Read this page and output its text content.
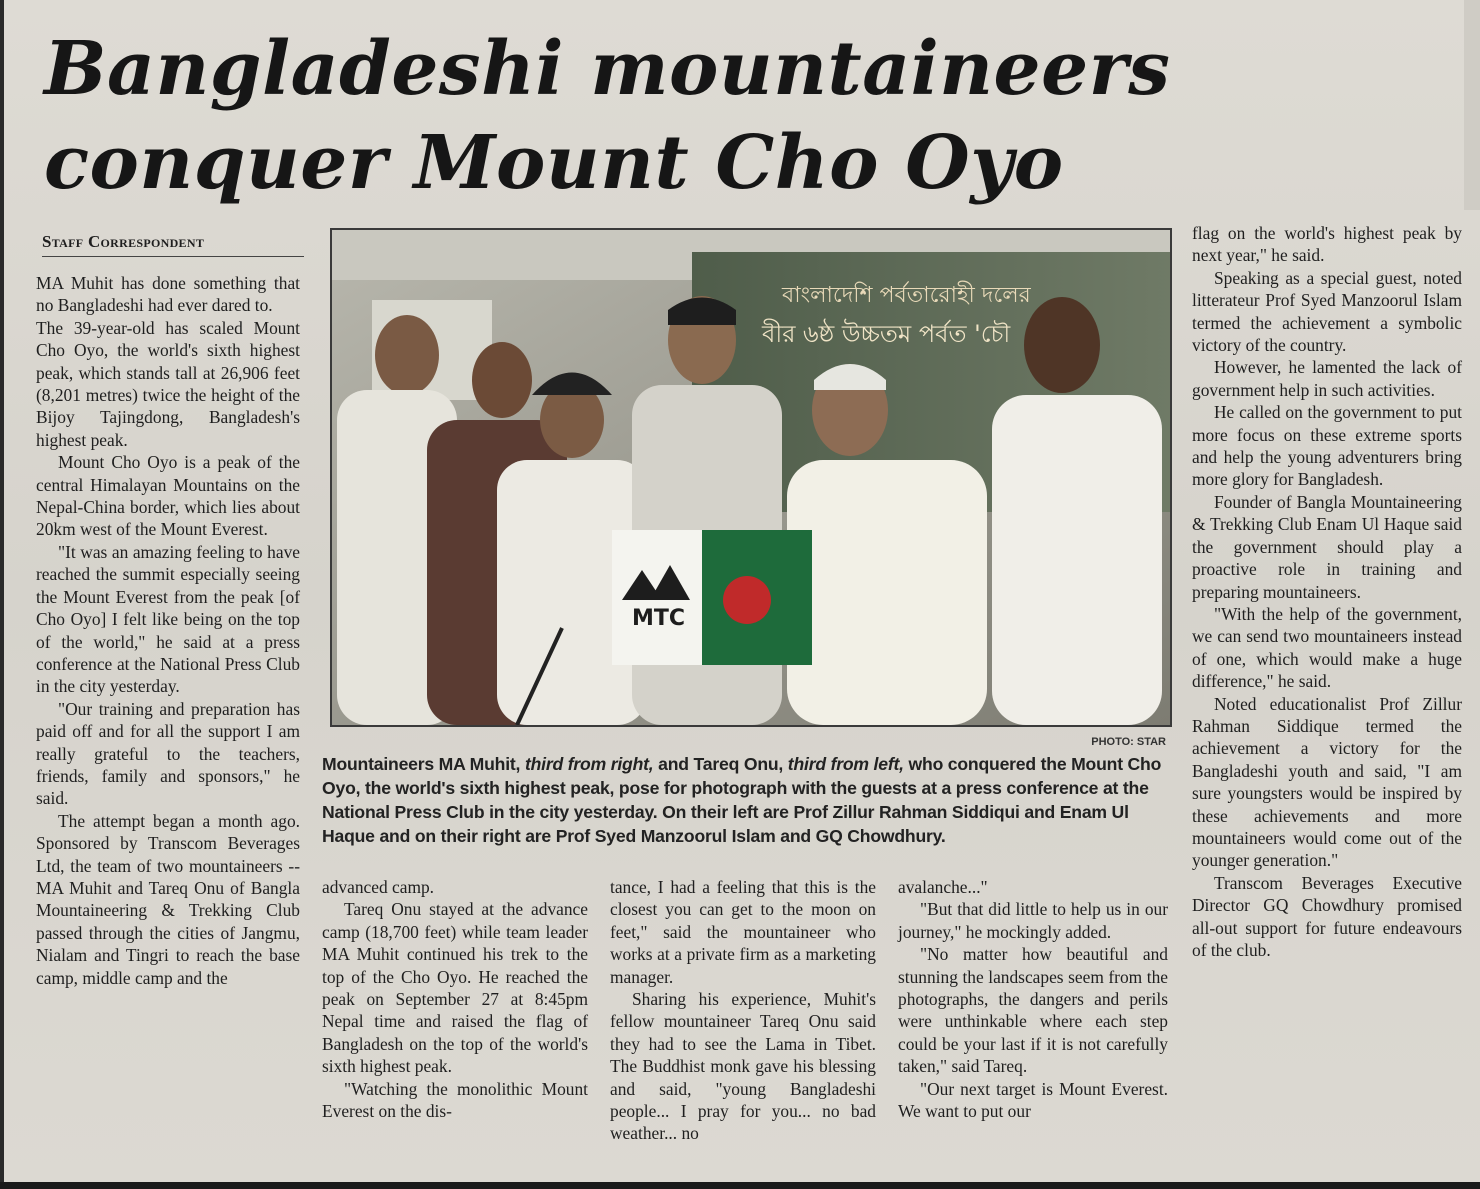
Bangladeshi mountaineers conquer Mount Cho Oyo
Staff Correspondent

MA Muhit has done something that no Bangladeshi had ever dared to.

The 39-year-old has scaled Mount Cho Oyo, the world's sixth highest peak, which stands tall at 26,906 feet (8,201 metres) twice the height of the Bijoy Tajingdong, Bangladesh's highest peak.

Mount Cho Oyo is a peak of the central Himalayan Mountains on the Nepal-China border, which lies about 20km west of the Mount Everest.

"It was an amazing feeling to have reached the summit especially seeing the Mount Everest from the peak [of Cho Oyo] I felt like being on the top of the world," he said at a press conference at the National Press Club in the city yesterday.

"Our training and preparation has paid off and for all the support I am really grateful to the teachers, friends, family and sponsors," he said.

The attempt began a month ago. Sponsored by Transcom Beverages Ltd, the team of two mountaineers -- MA Muhit and Tareq Onu of Bangla Mountaineering & Trekking Club passed through the cities of Jangmu, Nialam and Tingri to reach the base camp, middle camp and the

বাংলাদেশি পর্বতারোহী দলের
বীর ৬ষ্ঠ উচ্চতম পর্বত 'চৌ
MTC
PHOTO: STAR

Mountaineers MA Muhit, third from right, and Tareq Onu, third from left, who conquered the Mount Cho Oyo, the world's sixth highest peak, pose for photograph with the guests at a press conference at the National Press Club in the city yesterday. On their left are Prof Zillur Rahman Siddiqui and Enam Ul Haque and on their right are Prof Syed Manzoorul Islam and GQ Chowdhury.

advanced camp.

Tareq Onu stayed at the advance camp (18,700 feet) while team leader MA Muhit continued his trek to the top of the Cho Oyo. He reached the peak on September 27 at 8:45pm Nepal time and raised the flag of Bangladesh on the top of the world's sixth highest peak.

"Watching the monolithic Mount Everest on the dis-

tance, I had a feeling that this is the closest you can get to the moon on feet," said the mountaineer who works at a private firm as a marketing manager.

Sharing his experience, Muhit's fellow mountaineer Tareq Onu said they had to see the Lama in Tibet. The Buddhist monk gave his blessing and said, "young Bangladeshi people... I pray for you... no bad weather... no

avalanche..."

"But that did little to help us in our journey," he mockingly added.

"No matter how beautiful and stunning the landscapes seem from the photographs, the dangers and perils were unthinkable where each step could be your last if it is not carefully taken," said Tareq.

"Our next target is Mount Everest. We want to put our

flag on the world's highest peak by next year," he said.

Speaking as a special guest, noted litterateur Prof Syed Manzoorul Islam termed the achievement a symbolic victory of the country.

However, he lamented the lack of government help in such activities.

He called on the government to put more focus on these extreme sports and help the young adventurers bring more glory for Bangladesh.

Founder of Bangla Mountaineering & Trekking Club Enam Ul Haque said the government should play a proactive role in training and preparing mountaineers.

"With the help of the government, we can send two mountaineers instead of one, which would make a huge difference," he said.

Noted educationalist Prof Zillur Rahman Siddique termed the achievement a victory for the Bangladeshi youth and said, "I am sure youngsters would be inspired by these achievements and more mountaineers would come out of the younger generation."

Transcom Beverages Executive Director GQ Chowdhury promised all-out support for future endeavours of the club.
